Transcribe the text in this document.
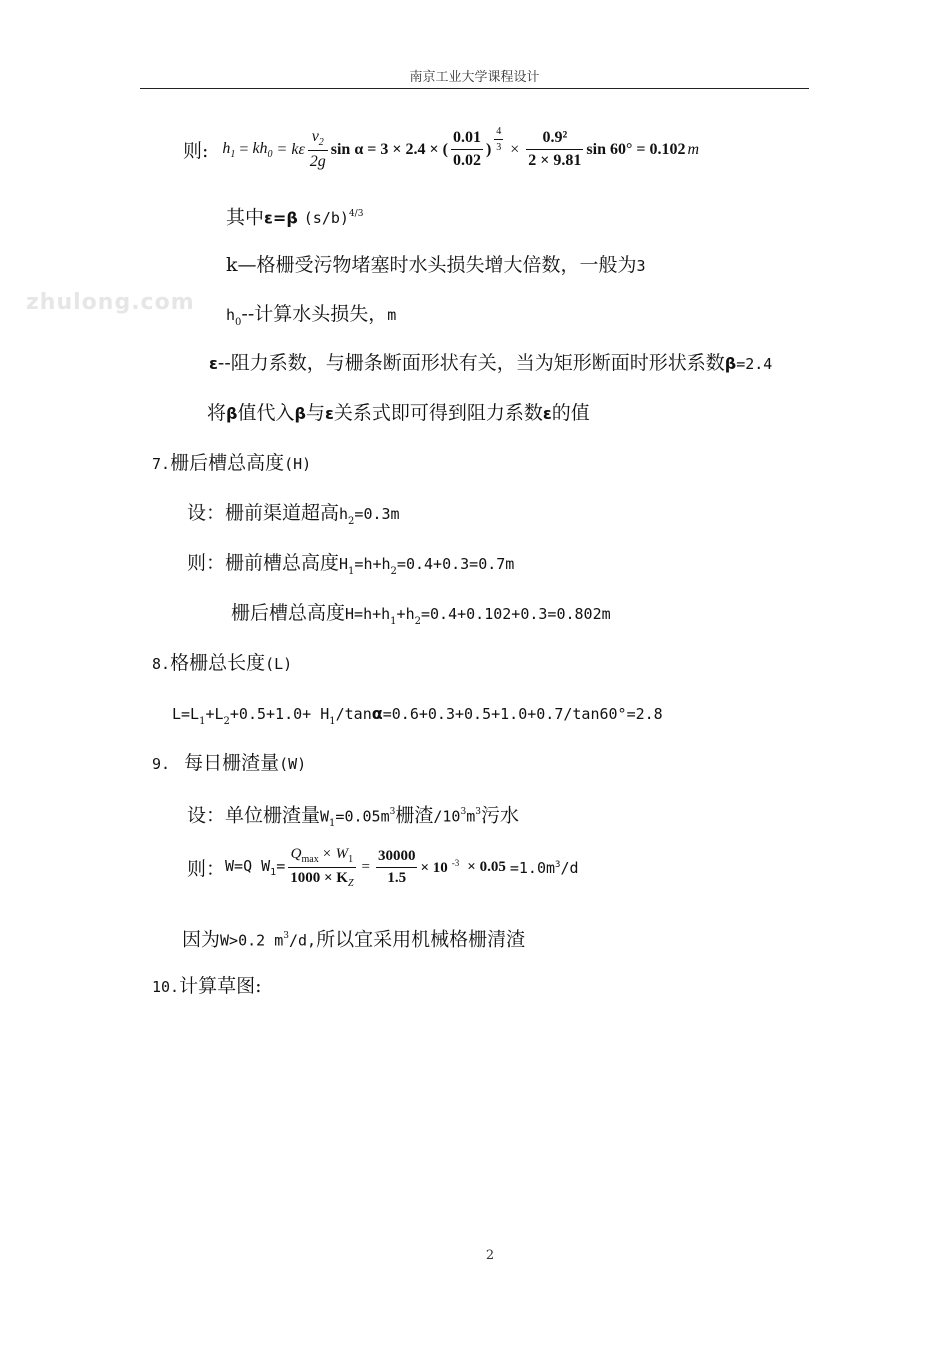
南京工业大学课程设计
zhulong.com
则: $h_1 = kh_0 = k\varepsilon \frac{v_2}{2g}$ sin α = 3 × 2.4 × ( $\frac{0.01}{0.02}$ ) $\frac{4}{3} \times \frac{\text{0.9²}}{2 \times 9.81}$ sin 60° = 0.102 m
其中ε=β $(s/b)^{4/3}$
k—格栅受污物堵塞时水头损失增大倍数，一般为3
$h_0--$计算水头损失，m
ε--阻力系数，与栅条断面形状有关，当为矩形断面时形状系数β=2.4
将β值代入β与ε关系式即可得到阻力系数ε的值
7.栅后槽总高度(H)
设：栅前渠道超高$h_2=0.3m$
则：栅前槽总高度$H_1=h+h_2=0.4+0.3=0.7m$
栅后槽总高度$H=h+h_1+h_2=0.4+0.102+0.3=0.802m$
8.格栅总长度(L)
$L=L_1+L_2+0.5+1.0+ H_1/\tan\alpha=0.6+0.3+0.5+1.0+0.7/\tan 60^\circ=2.8$
9. 每日栅渣量(W)
设：单位栅渣量$W_1=0.05m^3$栅渣$/10^3m^3$污水
则： W=Q $W_1= \frac{Q_{max} \times W_1}{1000 \times K_Z} = \frac{30000}{1.5} \times 10$ $^{-3} \times 0.05 =1.0m^3/d$
因为W>0.2 $m^3/d$,所以宜采用机械格栅清渣
10.计算草图:
2
